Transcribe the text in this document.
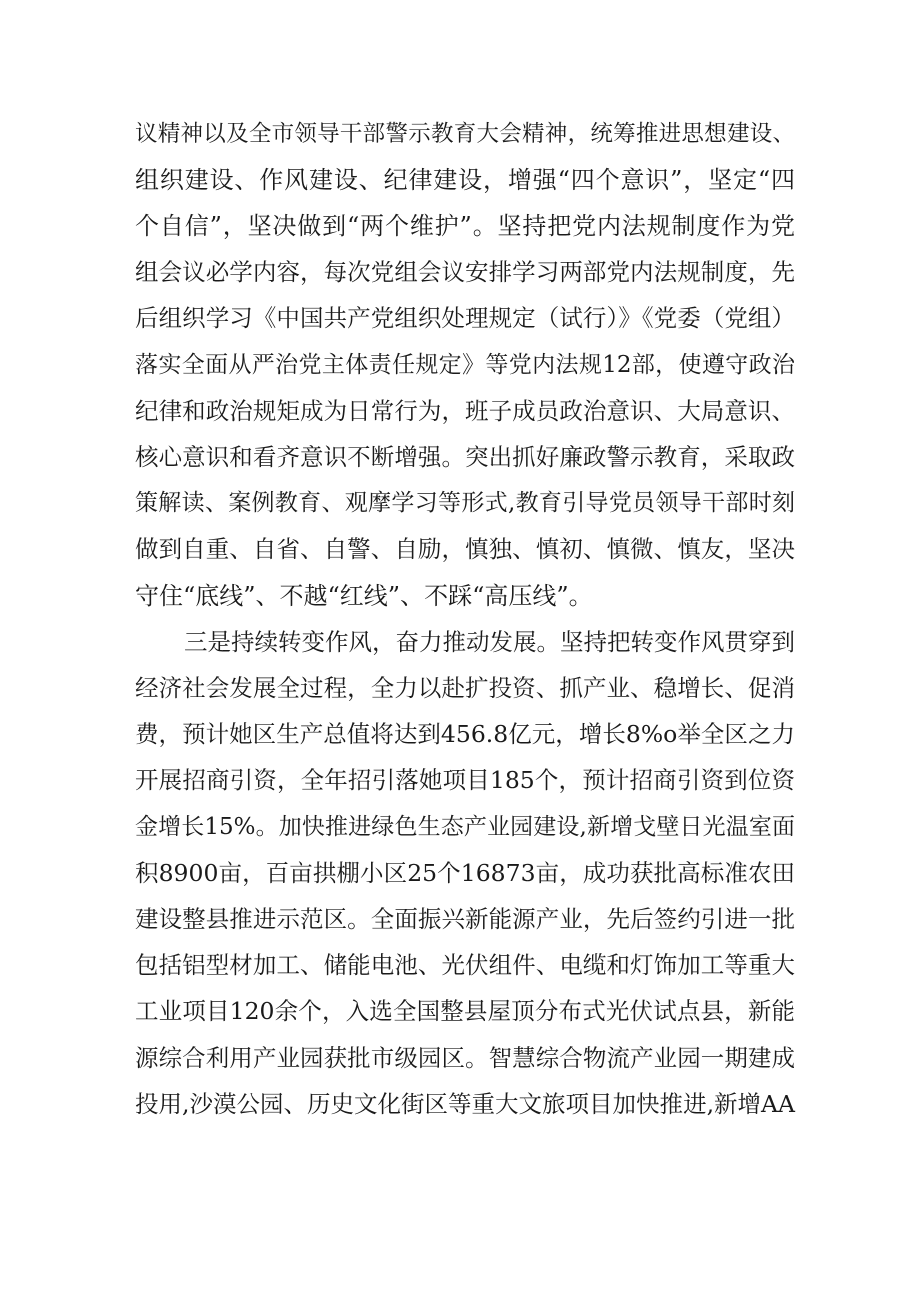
议精神以及全市领导干部警示教育大会精神，统筹推进思想建设、
组织建设、作风建设、纪律建设，增强“四个意识”，坚定“四
个自信”，坚决做到“两个维护”。坚持把党内法规制度作为党
组会议必学内容，每次党组会议安排学习两部党内法规制度，先
后组织学习《中国共产党组织处理规定（试行）》《党委（党组）
落实全面从严治党主体责任规定》等党内法规12部，使遵守政治
纪律和政治规矩成为日常行为，班子成员政治意识、大局意识、
核心意识和看齐意识不断增强。突出抓好廉政警示教育，采取政
策解读、案例教育、观摩学习等形式,教育引导党员领导干部时刻
做到自重、自省、自警、自励，慎独、慎初、慎微、慎友，坚决
守住“底线”、不越“红线”、不踩“高压线”。
三是持续转变作风，奋力推动发展。坚持把转变作风贯穿到
经济社会发展全过程，全力以赴扩投资、抓产业、稳增长、促消
费，预计她区生产总值将达到456.8亿元，增长8%o举全区之力
开展招商引资，全年招引落她项目185个，预计招商引资到位资
金增长15%。加快推进绿色生态产业园建设,新增戈壁日光温室面
积8900亩，百亩拱棚小区25个16873亩，成功获批高标准农田
建设整县推进示范区。全面振兴新能源产业，先后签约引进一批
包括铝型材加工、储能电池、光伏组件、电缆和灯饰加工等重大
工业项目120余个，入选全国整县屋顶分布式光伏试点县，新能
源综合利用产业园获批市级园区。智慧综合物流产业园一期建成
投用,沙漠公园、历史文化街区等重大文旅项目加快推进,新增AA
